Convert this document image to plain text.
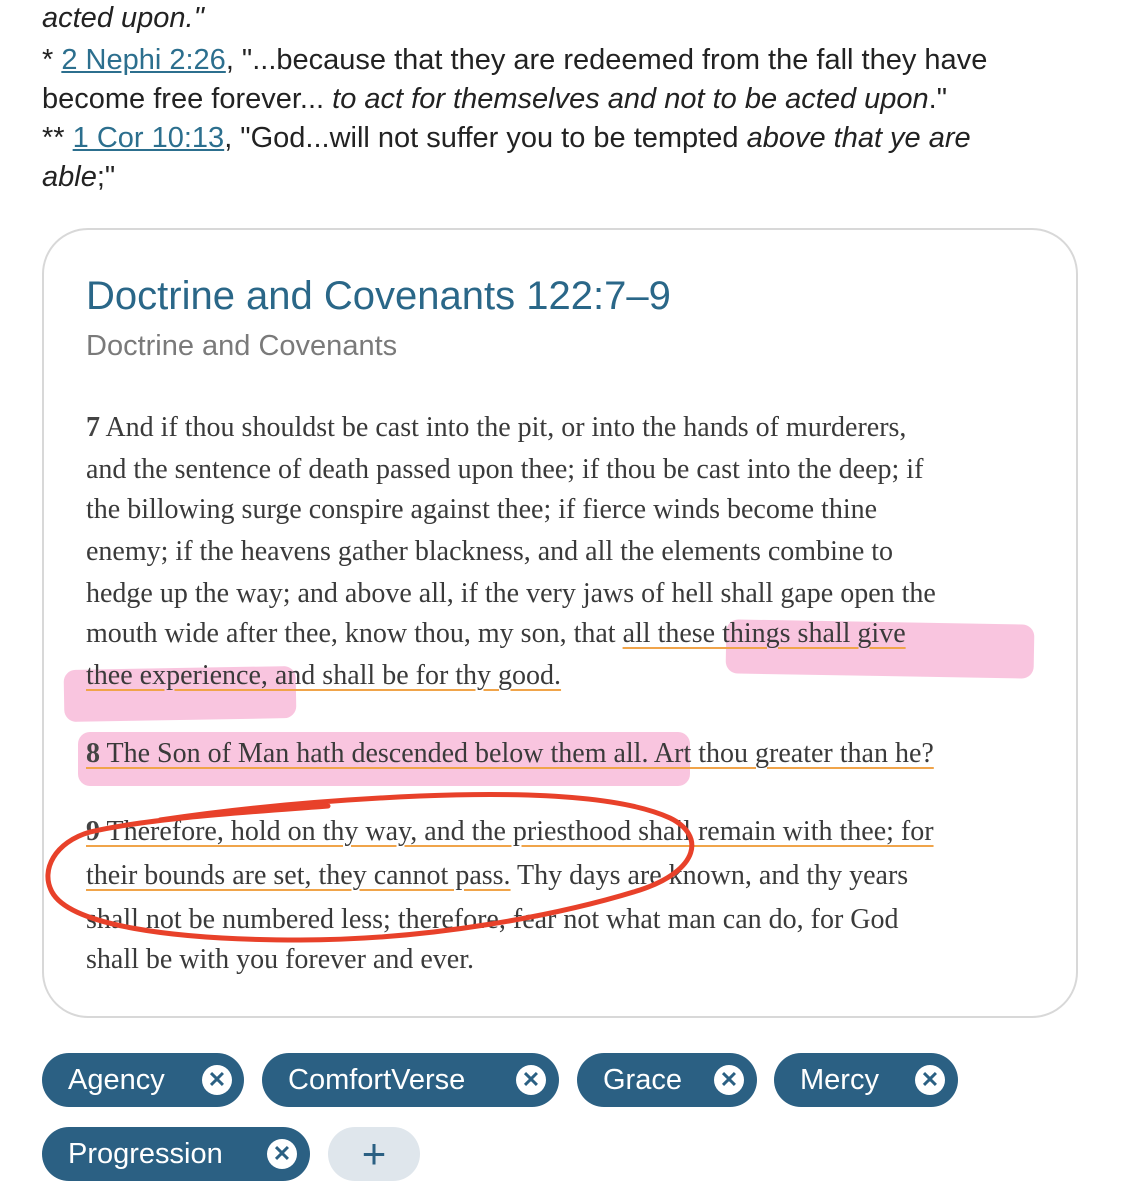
acted upon."
* 2 Nephi 2:26, "...because that they are redeemed from the fall they have
become free forever... to act for themselves and not to be acted upon."
** 1 Cor 10:13, "God...will not suffer you to be tempted above that ye are
able;"
Doctrine and Covenants 122:7–9
Doctrine and Covenants
7 And if thou shouldst be cast into the pit, or into the hands of murderers,
and the sentence of death passed upon thee; if thou be cast into the deep; if
the billowing surge conspire against thee; if fierce winds become thine
enemy; if the heavens gather blackness, and all the elements combine to
hedge up the way; and above all, if the very jaws of hell shall gape open the
mouth wide after thee, know thou, my son, that all these things shall give
thee experience, and shall be for thy good.
8 The Son of Man hath descended below them all. Art thou greater than he?
9 Therefore, hold on thy way, and the priesthood shall remain with thee; for
their bounds are set, they cannot pass. Thy days are known, and thy years
shall not be numbered less; therefore, fear not what man can do, for God
shall be with you forever and ever.
Agency ✕ ComfortVerse	✕ Grace ✕ Mercy ✕
Progression ✕	+
